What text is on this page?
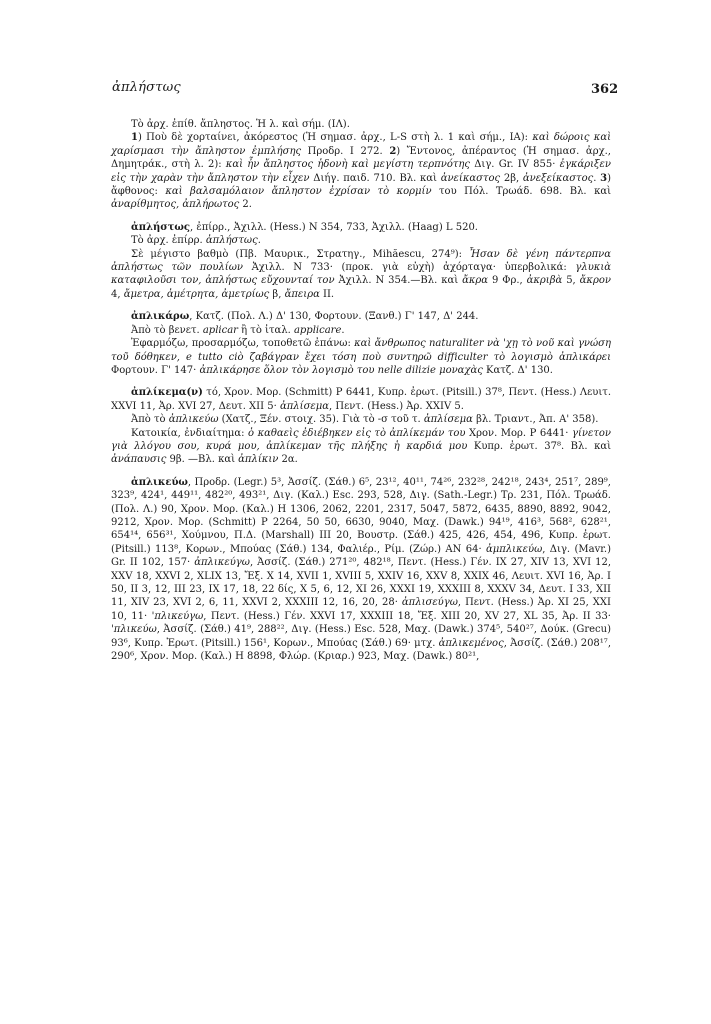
ἀπλήστως	362

Τὸ ἀρχ. ἐπίθ. ἄπληστος. Ἡ λ. καὶ σήμ. (ΙΛ).

1) Ποὺ δὲ χορταίνει, ἀκόρεστος (Ἡ σημασ. ἀρχ., L-S στὴ λ. 1 καὶ σήμ., ΙΑ): καὶ δώροις καὶ χαρίσμασι τὴν ἄπληστον ἐμπλήσης Προδρ. Ι 272. 2) Ἔντονος, ἀπέραντος (Ἡ σημασ. ἀρχ., Δημητράκ., στὴ λ. 2): καὶ ἦν ἄπληστος ἡδονὴ καὶ μεγίστη τερπνότης Διγ. Gr. IV 855· ἐγκάριξεν εἰς τὴν χαρὰν τὴν ἄπληστον τὴν εἶχεν Διήγ. παιδ. 710. Βλ. καὶ ἀνείκαστος 2β, ἀνεξείκαστος. 3) ἄφθονος: καὶ βαλσαμόλαιον ἄπληστον ἐχρίσαν τὸ κορμίν του Πόλ. Τρωάδ. 698. Βλ. καὶ ἀναρίθμητος, ἀπλήρωτος 2.

ἀπλήστως, ἐπίρρ., Ἀχιλλ. (Hess.) Ν 354, 733, Ἀχιλλ. (Haag) L 520.

Τὸ ἀρχ. ἐπίρρ. ἀπλήστως.

Σὲ μέγιστο βαθμὸ (Πβ. Μαυρικ., Στρατηγ., Mihăescu, 274⁹): Ἦσαν δὲ γένη πάντερπνα ἀπλήστως τῶν πουλίων Ἀχιλλ. Ν 733· (προκ. γιὰ εὐχὴ) ἀχόρταγα· ὑπερβολικά: γλυκιὰ καταφιλοῦσι τον, ἀπλήστως εὔχουνταί τον Ἀχιλλ. Ν 354.—Βλ. καὶ ἄκρα 9 Φρ., ἀκριβὰ 5, ἄκρον 4, ἄμετρα, ἀμέτρητα, ἀμετρίως β, ἄπειρα ΙΙ.

ἀπλικάρω, Κατζ. (Πολ. Λ.) Δ' 130, Φορτουν. (Ξανθ.) Γ' 147, Δ' 244.

Ἀπὸ τὸ βενετ. aplicar ἢ τὸ ἰταλ. applicare.

Ἐφαρμόζω, προσαρμόζω, τοποθετῶ ἐπάνω: καὶ ἄνθρωπος naturaliter νὰ 'χῃ τὸ νοῦ καὶ γνώση τοῦ δόθηκεν, e tutto ciò ζαβάγραν ἔχει τόση ποὺ συντηρῶ difficulter τὸ λογισμὸ ἀπλικάρει Φορτουν. Γ' 147· ἀπλικάρησε ὅλον τὸν λογισμὸ του nelle dilizie μοναχὰς Κατζ. Δ' 130.

ἀπλίκεμα(ν) τό, Χρον. Μορ. (Schmitt) Ρ 6441, Κυπρ. ἐρωτ. (Pitsill.) 37⁸, Πεντ. (Hess.) Λευιτ. XXVI 11, Ἀρ. XVI 27, Δευτ. XII 5· ἀπλίσεμα, Πεντ. (Hess.) Ἀρ. XXIV 5.

Ἀπὸ τὸ ἀπλικεύω (Χατζ., Ξέν. στοιχ. 35). Γιὰ τὸ -σ τοῦ τ. ἀπλίσεμα βλ. Τριαντ., Ἀπ. Α' 358).

Κατοικία, ἐνδιαίτημα: ὁ καθαεὶς ἐδιέβηκεν εἰς τὸ ἀπλίκεμάν του Χρον. Μορ. Ρ 6441· γίνετον γιὰ λλόγου σου, κυρά μου, ἀπλίκεμαν τῆς πλήξης ἡ καρδιά μου Κυπρ. ἐρωτ. 37⁸. Βλ. καὶ ἀνάπαυσις 9β. —Βλ. καὶ ἀπλίκιν 2α.

ἀπλικεύω, Προδρ. (Legr.) 5³, Ἀσσίζ. (Σάθ.) 6⁵, 23¹², 40¹¹, 74²⁶, 232²⁸, 242¹⁸, 243⁴, 251⁷, 289⁹, 323⁹, 424¹, 449¹¹, 482²⁰, 493²¹, Διγ. (Καλ.) Esc. 293, 528, Διγ. (Sath.-Legr.) Τρ. 231, Πόλ. Τρωάδ. (Πολ. Λ.) 90, Χρον. Μορ. (Καλ.) Η 1306, 2062, 2201, 2317, 5047, 5872, 6435, 8890, 8892, 9042, 9212, Χρον. Μορ. (Schmitt) Ρ 2264, 50 50, 6630, 9040, Μαχ. (Dawk.) 94¹⁹, 416³, 568², 628²¹, 654¹⁴, 656³¹, Χούμνου, Π.Δ. (Marshall) ΙΙΙ 20, Βουστρ. (Σάθ.) 425, 426, 454, 496, Κυπρ. ἐρωτ. (Pitsill.) 113⁸, Κορων., Μπούας (Σάθ.) 134, Φαλιέρ., Ρίμ. (Ζώρ.) ΑΝ 64· ἀμπλικεύω, Διγ. (Mavr.) Gr. II 102, 157· ἀπλικεύγω, Ἀσσίζ. (Σάθ.) 271²⁰, 482¹⁸, Πεντ. (Hess.) Γέν. IX 27, XIV 13, XVI 12, XXV 18, XXVI 2, XLIX 13, Ἔξ. X 14, XVII 1, XVIII 5, XXIV 16, XXV 8, XXIX 46, Λευιτ. XVI 16, Ἀρ. I 50, II 3, 12, III 23, IX 17, 18, 22 δίς, X 5, 6, 12, XI 26, XXXI 19, XXXIII 8, XXXV 34, Δευτ. I 33, XII 11, XIV 23, XVI 2, 6, 11, XXVI 2, XXXIII 12, 16, 20, 28· ἀπλισεύγω, Πεντ. (Hess.) Ἀρ. XI 25, XXI 10, 11· 'πλικεύγω, Πεντ. (Hess.) Γέν. XXVI 17, XXXIII 18, Ἔξ. XIII 20, XV 27, XL 35, Ἀρ. II 33· 'πλικεύω, Ἀσσίζ. (Σάθ.) 41⁹, 288²², Διγ. (Hess.) Esc. 528, Μαχ. (Dawk.) 374⁵, 540²⁷, Δούκ. (Grecu) 93⁶, Κυπρ. Ἐρωτ. (Pitsill.) 156¹, Κορων., Μπούας (Σάθ.) 69· μτχ. ἀπλικεμένος, Ἀσσίζ. (Σάθ.) 208¹⁷, 290⁶, Χρον. Μορ. (Καλ.) Η 8898, Φλώρ. (Κριαρ.) 923, Μαχ. (Dawk.) 80²¹,
